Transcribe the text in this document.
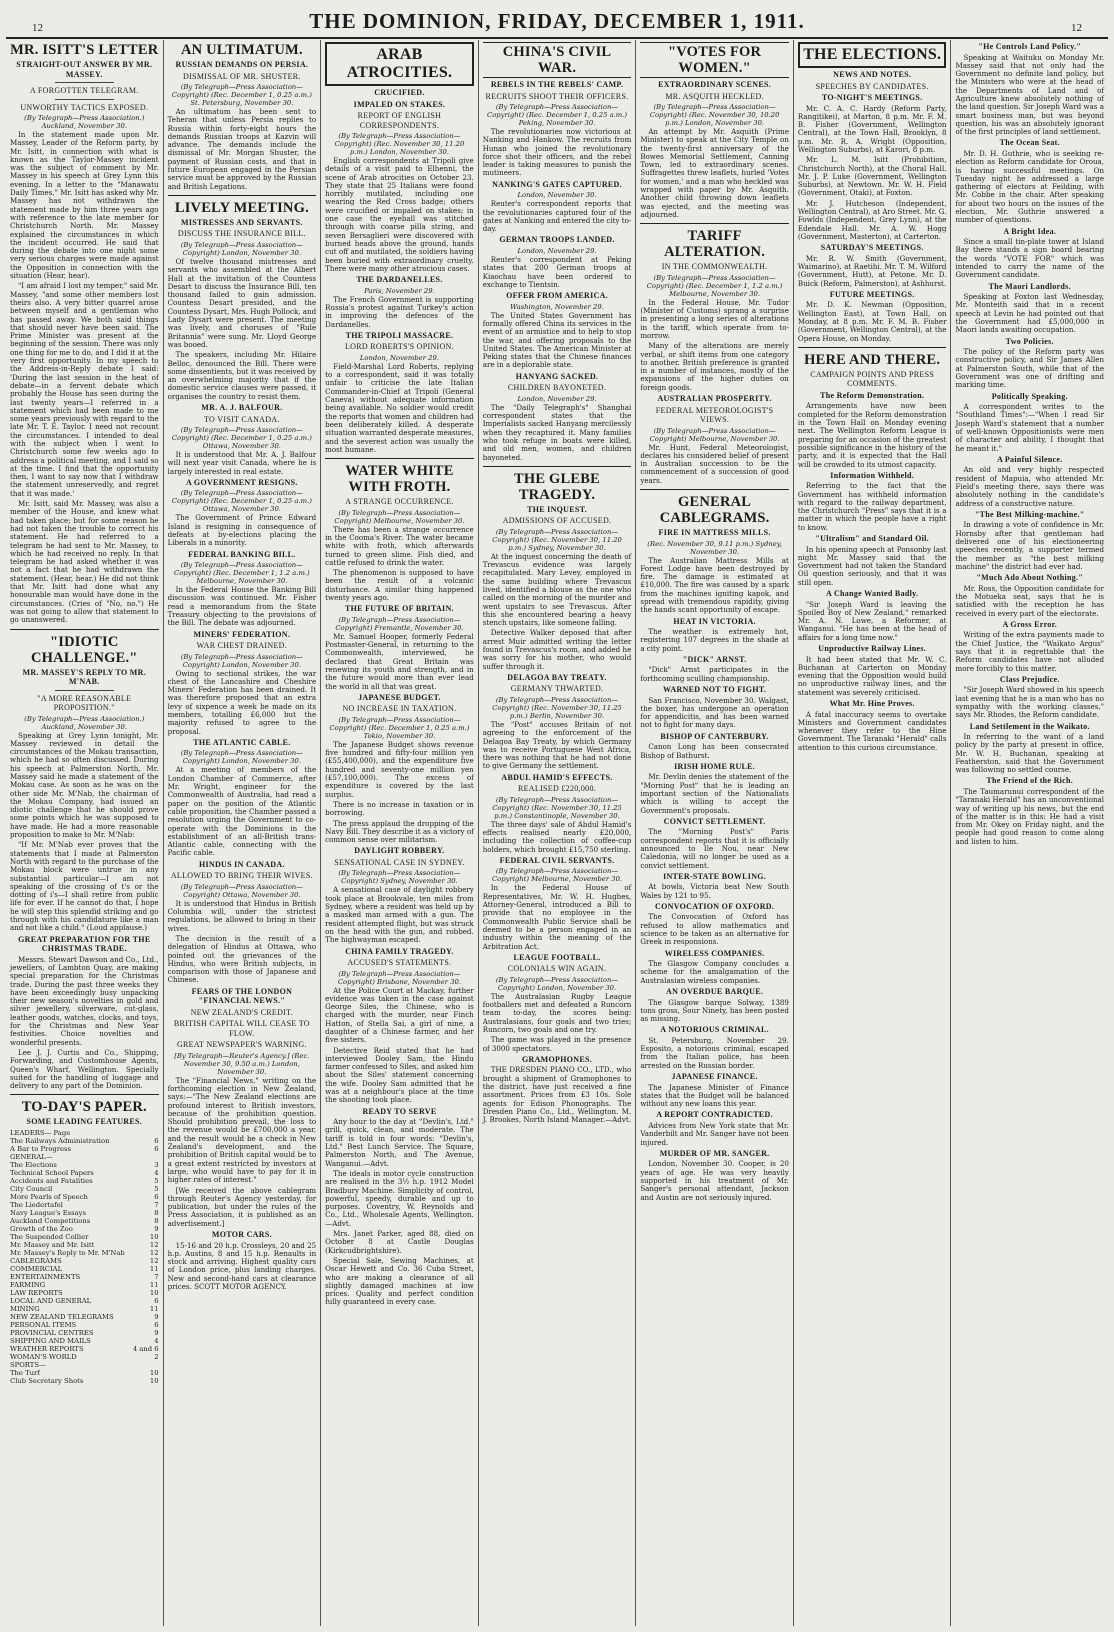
12	THE DOMINION, FRIDAY, DECEMBER 1, 1911.	12
MR. ISITT'S LETTER
STRAIGHT-OUT ANSWER BY MR. MASSEY.
A FORGOTTEN TELEGRAM.
UNWORTHY TACTICS EXPOSED.
(By Telegraph—Press Association.) Auckland, November 30.

In the statement made upon Mr. Massey, Leader of the Reform party, by Mr. Isitt, in connection with what is known as the Taylor-Massey incident was the subject of comment by Mr. Massey in his speech at Grey Lynn this evening. In a letter to the "Manawatu Daily Times," Mr. Isitt has asked why Mr. Massey has not withdrawn the statement made by him three years ago with reference to the late member for Christchurch North. Mr. Massey explained the circumstances in which the incident occurred. He said that during the debate into one night some very serious charges were made against the Opposition in connection with the situation (Hear, hear).

"I am afraid I lost my temper," said Mr. Massey, "and some other members lost theirs also. A very bitter quarrel arose between myself and a gentleman who has passed away. We both said things that should never have been said. The Prime Minister was present at the beginning of the session. There was only one thing for me to do, and I did it at the very first opportunity. In my speech to the Address-in-Reply debate I said: 'During the last session in the heat of debate—in a fervent debate which probably the House has seen during the last twenty years—I referred in a statement which had been made to me some years previously with regard to the late Mr. T. E. Taylor. I need not recount the circumstances. I intended to deal with the subject when I went to Christchurch some few weeks ago to address a political meeting, and I said so at the time. I find that the opportunity then, I want to say now that I withdraw the statement unreservedly, and regret that it was made.'

Mr. Isitt, said Mr. Massey, was also a member of the House, and knew what had taken place; but for some reason he had not taken the trouble to correct his statement. He had referred to a telegram he had sent to Mr. Massey, to which he had received no reply. In that telegram he had asked whether it was not a fact that he had withdrawn the statement. (Hear, hear.) He did not think that Mr. Isitt had done what any honourable man would have done in the circumstances. (Cries of "No, no.") He was not going to allow that statement to go unanswered.

"IDIOTIC CHALLENGE."
MR. MASSEY'S REPLY TO MR. M'NAB.
"A MORE REASONABLE PROPOSITION."
(By Telegraph—Press Association.) Auckland, November 30.

Speaking at Grey Lynn tonight, Mr. Massey reviewed in detail the circumstances of the Mokau transaction, which he had so often discussed. During his speech at Palmerston North, Mr. Massey said he made a statement of the Mokau case. As soon as he was on the other side Mr. M'Nab, the chairman of the Mokau Company, had issued an idiotic challenge that he should prove some points which he was supposed to have made. He had a more reasonable proposition to make to Mr. M'Nab:

"If Mr. M'Nab ever proves that the statements that I made at Palmerston North with regard to the purchase of the Mokau block were untrue in any substantial particular—I am not speaking of the crossing of t's or the dotting of i's—I shall retire from public life for ever. If he cannot do that, I hope he will step this splendid striking and go through with his candidature like a man and not like a child." (Loud applause.)

GREAT PREPARATION FOR THE CHRISTMAS TRADE.

Messrs. Stewart Dawson and Co., Ltd., jewellers, of Lambton Quay, are making special preparation for the Christmas trade. During the past three weeks they have been exceedingly busy unpacking their new season's novelties in gold and silver jewellery, silverware, cut-glass, leather goods, watches, clocks, and toys, for the Christmas and New Year festivities. Choice novelties and wonderful presents.

Lee J. J. Curtis and Co., Shipping, Forwarding, and Customhouse Agents, Queen's Wharf, Wellington. Specially suited for the handling of luggage and delivery to any part of the Dominion.

TO-DAY'S PAPER.
SOME LEADING FEATURES.
LEADERS— Page
The Railways Administration	6
A Bar to Progress	6
GENERAL—
The Elections	3
Technical School Papers	4
Accidents and Fatalities	5
City Council	5
More Pearls of Speech	6
The Liedertafel	7
Navy League's Essays	8
Auckland Competitions	8
Growth of the Zoo	9
The Suspended Collier	10
Mr. Massey and Mr. Isitt	12
Mr. Massey's Reply to Mr. M'Nab	12
CABLEGRAMS	12
COMMERCIAL	11
ENTERTAINMENTS	7
FARMING	11
LAW REPORTS	10
LOCAL AND GENERAL	6
MINING	11
NEW ZEALAND TELEGRAMS	9
PERSONAL ITEMS	6
PROVINCIAL CENTRES	9
SHIPPING AND MAILS	4
WEATHER REPORTS	4 and 6
WOMAN'S WORLD	2
SPORTS—
The Turf	10
Club Secretary Shots	10
AN ULTIMATUM.
RUSSIAN DEMANDS ON PERSIA.
DISMISSAL OF MR. SHUSTER.
(By Telegraph—Press Association—Copyright) (Rec. December 1, 0.25 a.m.) St. Petersburg, November 30.

An ultimatum has been sent to Teheran that unless Persia replies to Russia within forty-eight hours the demands Russian troops at Kazvin will advance. The demands include the dismissal of Mr. Morgan Shuster, the payment of Russian costs, and that in future European engaged in the Persian service must be approved by the Russian and British Legations.

LIVELY MEETING.
MISTRESSES AND SERVANTS.
DISCUSS THE INSURANCE BILL.
(By Telegraph—Press Association—Copyright) London, November 30.

Of twelve thousand mistresses and servants who assembled at the Albert Hall at the invitation of the Countess Desart to discuss the Insurance Bill, ten thousand failed to gain admission. Countess Desart presided, and the Countess Dysart, Mrs. Hugh Pollock, and Lady Dysart were present. The meeting was lively, and choruses of "Rule Britannia" were sung. Mr. Lloyd George was booed.

The speakers, including Mr. Hilaire Belloc, denounced the Bill. There were some dissentients, but it was received by an overwhelming majority that if the domestic service clauses were passed, it organises the country to resist them.

MR. A. J. BALFOUR.
TO VISIT CANADA.
(By Telegraph—Press Association—Copyright) (Rec. December 1, 0.25 a.m.) Ottawa, November 30.

It is understood that Mr. A. J. Balfour will next year visit Canada, where he is largely interested in real estate.

A GOVERNMENT RESIGNS.
(By Telegraph—Press Association—Copyright) (Rec. December 1, 0.25 a.m.) Ottawa, November 30.

The Government of Prince Edward Island is resigning in consequence of defeats at by-elections placing the Liberals in a minority.

FEDERAL BANKING BILL.
(By Telegraph—Press Association—Copyright) (Rec. December 1, 1.2 a.m.) Melbourne, November 30.

In the Federal House the Banking Bill discussion was continued. Mr. Fisher read a memorandum from the State Treasury objecting to the provisions of the Bill. The debate was adjourned.

MINERS' FEDERATION.
WAR CHEST DRAINED.
(By Telegraph—Press Association—Copyright) London, November 30.

Owing to sectional strikes, the war chest of the Lancashire and Cheshire Miners' Federation has been drained. It was therefore proposed that an extra levy of sixpence a week be made on its members, totalling £6,000 but the majority refused to agree to the proposal.

THE ATLANTIC CABLE.
(By Telegraph—Press Association—Copyright) London, November 30.

At a meeting of members of the London Chamber of Commerce, after Mr. Wright, engineer for the Commonwealth of Australia, had read a paper on the position of the Atlantic cable proposition, the Chamber passed a resolution urging the Government to co-operate with the Dominions in the establishment of an all-British trans-Atlantic cable, connecting with the Pacific cable.

HINDUS IN CANADA.
ALLOWED TO BRING THEIR WIVES.
(By Telegraph—Press Association—Copyright) Ottawa, November 30.

It is understood that Hindus in British Columbia will, under the strictest regulations, be allowed to bring in their wives.

The decision is the result of a delegation of Hindus at Ottawa, who pointed out the grievances of the Hindus, who were British subjects, in comparison with those of Japanese and Chinese.

FEARS OF THE LONDON "FINANCIAL NEWS."
NEW ZEALAND'S CREDIT.
BRITISH CAPITAL WILL CEASE TO FLOW.
GREAT NEWSPAPER'S WARNING.
[By Telegraph—Reuter's Agency.] (Rec. November 30, 9.50 a.m.) London, November 30.

The "Financial News," writing on the forthcoming election in New Zealand, says:—"The New Zealand elections are profound interest to British investors, because of the prohibition question. Should prohibition prevail, the loss to the revenue would be £700,000 a year, and the result would be a check in New Zealand's development, and the prohibition of British capital would be to a great extent restricted by investors at large, who would have to pay for it in higher rates of interest."

[We received the above cablegram through Reuter's Agency yesterday, for publication, but under the rules of the Press Association, it is published as an advertisement.]

MOTOR CARS.

15-16 and 20 h.p. Crossleys, 20 and 25 h.p. Austins, 8 and 15 h.p. Renaults in stock and arriving. Highest quality cars of London price, plus landing charges. New and second-hand cars at clearance prices. SCOTT MOTOR AGENCY.

ARAB ATROCITIES.
CRUCIFIED.
IMPALED ON STAKES.
REPORT OF ENGLISH CORRESPONDENTS.
(By Telegraph—Press Association—Copyright) (Rec. November 30, 11.20 p.m.) London, November 30.

English correspondents at Tripoli give details of a visit paid to Elhenni, the scene of Arab atrocities on October 23. They state that 25 Italians were found horribly mutilated, including one wearing the Red Cross badge; others were crucified or impaled on stakes; in one case the eyeball was stitched through with coarse pilla string, and seven Bersaglieri were discovered with burned heads above the ground, hands cut off and mutilated, the soldiers having been buried with extraordinary cruelty. There were many other atrocious cases.

THE DARDANELLES.
Paris, November 29.

The French Government is supporting Russia's protest against Turkey's action in improving the defences of the Dardanelles.

THE TRIPOLI MASSACRE.
LORD ROBERTS'S OPINION.
London, November 29.

Field-Marshal Lord Roberts, replying to a correspondent, said it was totally unfair to criticise the late Italian Commander-in-Chief at Tripoli (General Caneva) without adequate information being available. No soldier would credit the reports that women and children had been deliberately killed. A desperate situation warranted desperate measures, and the severest action was usually the most humane.

WATER WHITE WITH FROTH.
A STRANGE OCCURRENCE.
(By Telegraph—Press Association—Copyright) Melbourne, November 30.

There has been a strange occurrence in the Cooma's River. The water became white with froth, which afterwards turned to green slime. Fish died, and cattle refused to drink the water.

The phenomenon is supposed to have been the result of a volcanic disturbance. A similar thing happened twenty years ago.

THE FUTURE OF BRITAIN.
(By Telegraph—Press Association—Copyright) Fremantle, November 30.

Mr. Samuel Hooper, formerly Federal Postmaster-General, in returning to the Commonwealth, interviewed, he declared that Great Britain was renewing its youth and strength, and in the future would more than ever lead the world in all that was great.

JAPANESE BUDGET.
NO INCREASE IN TAXATION.
(By Telegraph—Press Association—Copyright) (Rec. December 1, 0.25 a.m.) Tokio, November 30.

The Japanese Budget shows revenue five hundred and fifty-four million yen (£55,400,000), and the expenditure five hundred and seventy-one million yen (£57,100,000). The excess of expenditure is covered by the last surplus.

There is no increase in taxation or in borrowing.

The press applaud the dropping of the Navy Bill. They describe it as a victory of common sense over militarism.

DAYLIGHT ROBBERY.
SENSATIONAL CASE IN SYDNEY.
(By Telegraph—Press Association—Copyright) Sydney, November 30.

A sensational case of daylight robbery took place at Brookvale, ten miles from Sydney, where a resident was held up by a masked man armed with a gun. The resident attempted flight, but was struck on the head with the gun, and robbed. The highwayman escaped.

CHINA FAMILY TRAGEDY.
ACCUSED'S STATEMENTS.
(By Telegraph—Press Association—Copyright) Brisbane, November 30.

At the Police Court at Mackay, further evidence was taken in the case against George Siles, the Chinese, who is charged with the murder, near Finch Hatton, of Stella Sai, a girl of nine, a daughter of a Chinese farmer, and her five sisters.

Detective Reid stated that he had interviewed Dooley Sam, the Hindu farmer confessed to Siles, and asked him about the Siles' statement concerning the wife. Dooley Sam admitted that he was at a neighbour's place at the time the shooting took place.

READY TO SERVE

Any hour to the day at "Devlin's, Ltd." grill, quick, clean, and moderate. The tariff is told in four words: "Devlin's, Ltd." Best Lunch Service. The Square, Palmerston North, and The Avenue, Wanganui.—Advt.

The ideals in motor cycle construction are realised in the 3½ h.p. 1912 Model Bradbury Machine. Simplicity of control, powerful, speedy, durable and up to purposes. Coventry, W. Reynolds and Co., Ltd., Wholesale Agents, Wellington.—Advt.

Mrs. Janet Parker, aged 88, died on October 8 at Castle Douglas (Kirkcudbrightshire).

Special Sale, Sewing Machines, at Oscar Hewett and Co. 36 Cuba Street, who are making a clearance of all slightly damaged machines at low prices. Quality and perfect condition fully guaranteed in every case.

CHINA'S CIVIL WAR.
REBELS IN THE REBELS' CAMP.
RECRUITS SHOOT THEIR OFFICERS.
(By Telegraph—Press Association—Copyright) (Rec. December 1, 0.25 a.m.) Peking, November 30.

The revolutionaries now victorious at Nanking and Hankow. The recruits from Hunan who joined the revolutionary force shot their officers, and the rebel leader is taking measures to punish the mutineers.

NANKING'S GATES CAPTURED.
London, November 30.

Reuter's correspondent reports that the revolutionaries captured four of the gates at Nanking and entered the city to-day.

GERMAN TROOPS LANDED.
London, November 29.

Reuter's correspondent at Peking states that 200 German troops at Kiaochau have been ordered to exchange to Tientsin.

OFFER FROM AMERICA.
Washington, November 29.

The United States Government has formally offered China its services in the event of an armistice and to help to stop the war, and offering proposals to the United States. The American Minister at Peking states that the Chinese finances are in a deplorable state.

HANYANG SACKED.
CHILDREN BAYONETED.
London, November 29.

The "Daily Telegraph's" Shanghai correspondent states that the Imperialists sacked Hanyang mercilessly when they recaptured it. Many families who took refuge in boats were killed, and old men, women, and children bayoneted.

THE GLEBE TRAGEDY.
THE INQUEST.
ADMISSIONS OF ACCUSED.
(By Telegraph—Press Association—Copyright) (Rec. November 30, 11.20 p.m.) Sydney, November 30.

At the inquest concerning the death of Trevascus evidence was largely recapitulated. Mary Levey, employed in the same building where Trevascus lived, identified a blouse as the one who called on the morning of the murder and went upstairs to see Trevascus. After this she encountered bearing a heavy stench upstairs, like someone falling.

Detective Walker deposed that after arrest Muir admitted writing the letter found in Trevascus's room, and added he was sorry for his mother, who would suffer through it.

DELAGOA BAY TREATY.
GERMANY THWARTED.
(By Telegraph—Press Association—Copyright) (Rec. November 30, 11.25 p.m.) Berlin, November 30.

The "Post" accuses Britain of not agreeing to the enforcement of the Delagoa Bay Treaty, by which Germany was to receive Portuguese West Africa, there was nothing that he had not done to give Germany the settlement.

ABDUL HAMID'S EFFECTS.
REALISED £220,000.
(By Telegraph—Press Association—Copyright) (Rec. November 30, 11.25 p.m.) Constantinople, November 30.

The three days' sale of Abdul Hamid's effects realised nearly £20,000, including the collection of coffee-cup holders, which brought £15,750 sterling.

FEDERAL CIVIL SERVANTS.
(By Telegraph—Press Association—Copyright) Melbourne, November 30.

In the Federal House of Representatives, Mr. W. H. Hughes, Attorney-General, introduced a Bill to provide that no employee in the Commonwealth Public Service shall be deemed to be a person engaged in an industry within the meaning of the Arbitration Act.

LEAGUE FOOTBALL.
COLONIALS WIN AGAIN.
(By Telegraph—Press Association—Copyright) London, November 30.

The Australasian Rugby League footballers met and defeated a Runcorn team to-day, the scores being: Australasians, four goals and two tries; Runcorn, two goals and one try.

The game was played in the presence of 3000 spectators.

GRAMOPHONES.

THE DRESDEN PIANO CO., LTD., who brought a shipment of Gramophones to the district, have just received a fine assortment. Prices from £3 10s. Sole agents for Edison Phonographs. The Dresden Piano Co., Ltd., Wellington. M. J. Brookes, North Island Manager.—Advt.

"VOTES FOR WOMEN."
EXTRAORDINARY SCENES.
MR. ASQUITH HECKLED.
(By Telegraph—Press Association—Copyright) (Rec. November 30, 10.20 p.m.) London, November 30.

An attempt by Mr. Asquith (Prime Minister) to speak at the City Temple on the twenty-first anniversary of the Bowes Memorial Settlement, Canning Town, led to extraordinary scenes. Suffragettes threw leaflets, hurled 'Votes for women,' and a man who heckled was wrapped with paper by Mr. Asquith. Another child throwing down leaflets was ejected, and the meeting was adjourned.

TARIFF ALTERATION.
IN THE COMMONWEALTH.
(By Telegraph—Press Association—Copyright) (Rec. December 1, 1.2 a.m.) Melbourne, November 30.

In the Federal House, Mr. Tudor (Minister of Customs) sprang a surprise in presenting a long series of alterations in the tariff, which operate from to-morrow.

Many of the alterations are merely verbal, or shift items from one category to another. British preference is granted in a number of instances, mostly of the expansions of the higher duties on foreign goods.

AUSTRALIAN PROSPERITY.
FEDERAL METEOROLOGIST'S VIEWS.
(By Telegraph—Press Association—Copyright) Melbourne, November 30.

Mr. Hunt, Federal Meteorologist, declares his considered belief of present in Australian succession to be the commencement of a succession of good years.

GENERAL CABLEGRAMS.
FIRE IN MATTRESS MILLS.
(Rec. November 30, 9.11 p.m.) Sydney, November 30.

The Australian Mattress Mills at Forest Lodge have been destroyed by fire. The damage is estimated at £10,000. The fire was caused by a spark from the machines igniting kapok, and spread with tremendous rapidity, giving the hands scant opportunity of escape.

HEAT IN VICTORIA.

The weather is extremely hot, registering 107 degrees in the shade at a city point.

"DICK" ARNST.

"Dick" Arnst participates in the forthcoming sculling championship.

WARNED NOT TO FIGHT.

San Francisco, November 30. Walgast, the boxer, has undergone an operation for appendicitis, and has been warned not to fight for many days.

BISHOP OF CANTERBURY.

Canon Long has been consecrated Bishop of Bathurst.

IRISH HOME RULE.

Mr. Devlin denies the statement of the "Morning Post" that he is leading an important section of the Nationalists which is willing to accept the Government's proposals.

CONVICT SETTLEMENT.

The "Morning Post's" Paris correspondent reports that it is officially announced to Ile Nou, near New Caledonia, will no longer be used as a convict settlement.

INTER-STATE BOWLING.

At bowls, Victoria beat New South Wales by 121 to 95.

CONVOCATION OF OXFORD.

The Convocation of Oxford has refused to allow mathematics and science to be taken as an alternative for Greek in responsions.

WIRELESS COMPANIES.

The Glasgow Company concludes a scheme for the amalgamation of the Australasian wireless companies.

AN OVERDUE BARQUE.

The Glasgow barque Solway, 1389 tons gross, Sour Ninety, has been posted as missing.

A NOTORIOUS CRIMINAL.

St. Petersburg, November 29. Esposito, a notorious criminal, escaped from the Italian police, has been arrested on the Russian border.

JAPANESE FINANCE.

The Japanese Minister of Finance states that the Budget will be balanced without any new loans this year.

A REPORT CONTRADICTED.

Advices from New York state that Mr. Vanderbilt and Mr. Sanger have not been injured.

MURDER OF MR. SANGER.

London, November 30. Cooper, is 20 years of age. He was very heavily supported in his treatment of Mr. Sanger's personal attendant, Jackson and Austin are not seriously injured.

THE ELECTIONS.
NEWS AND NOTES.
SPEECHES BY CANDIDATES.
TO-NIGHT'S MEETINGS.

Mr. C. A. C. Hardy (Reform Party, Rangitikei), at Marton, 8 p.m. Mr. F. M. B. Fisher (Government, Wellington Central), at the Town Hall, Brooklyn, 8 p.m. Mr. R. A. Wright (Opposition, Wellington Suburbs), at Karori, 8 p.m.

Mr. L. M. Isitt (Prohibition, Christchurch North), at the Choral Hall. Mr. J. P. Luke (Government, Wellington Suburbs), at Newtown. Mr. W. H. Field (Government, Otaki), at Foxton.

Mr. J. Hutcheson (Independent, Wellington Central), at Aro Street. Mr. G. Fowlds (Independent, Grey Lynn), at the Edendale Hall. Mr. A. W. Hogg (Government, Masterton), at Carterton.

SATURDAY'S MEETINGS.

Mr. R. W. Smith (Government, Waimarino), at Raetihi. Mr. T. M. Wilford (Government, Hutt), at Petone. Mr. D. Buick (Reform, Palmerston), at Ashhurst.

FUTURE MEETINGS.

Mr. D. K. Newman (Opposition, Wellington East), at Town Hall, on Monday, at 8 p.m. Mr. F. M. B. Fisher (Government, Wellington Central), at the Opera House, on Monday.

HERE AND THERE.
CAMPAIGN POINTS AND PRESS COMMENTS.
The Reform Demonstration.

Arrangements have now been completed for the Reform demonstration in the Town Hall on Monday evening next. The Wellington Reform League is preparing for an occasion of the greatest possible significance in the history of the party, and it is expected that the Hall will be crowded to its utmost capacity.

Information Withheld.

Referring to the fact that the Government has withheld information with regard to the railway department, the Christchurch "Press" says that it is a matter in which the people have a right to know.

"Ultralism" and Standard Oil.

In his opening speech at Ponsonby last night Mr. Massey said that the Government had not taken the Standard Oil question seriously, and that it was still open.

A Change Wanted Badly.

"Sir Joseph Ward is leaving the Spoiled Boy of New Zealand," remarked Mr. A. N. Lowe, a Reformer, at Wanganui. "He has been at the head of affairs for a long time now."

Unproductive Railway Lines.

It had been stated that Mr. W. C. Buchanan at Carterton on Monday evening that the Opposition would build no unproductive railway lines, and the statement was severely criticised.

What Mr. Hine Proves.

A fatal inaccuracy seems to overtake Ministers and Government candidates whenever they refer to the Hine Government. The Taranaki "Herald" calls attention to this curious circumstance.

"He Controls Land Policy."

Speaking at Waituku on Monday Mr. Massey said that not only had the Government no definite land policy, but the Ministers who were at the head of the Departments of Land and of Agriculture knew absolutely nothing of the land question. Sir Joseph Ward was a smart business man, but was beyond question, his was an absolutely ignorant of the first principles of land settlement.

The Ocean Seat.

Mr. D. H. Guthrie, who is seeking re-election as Reform candidate for Oroua, is having successful meetings. On Tuesday night he addressed a large gathering of electors at Feilding, with Mr. Cobbe in the chair. After speaking for about two hours on the issues of the election, Mr. Guthrie answered a number of questions.

A Bright Idea.

Since a small tin-plate tower at Island Bay there stands a sign board bearing the words "VOTE FOR" which was intended to carry the name of the Government candidate.

The Maori Landlords.

Speaking at Foxton last Wednesday, Mr. Monteith said that in a recent speech at Levin he had pointed out that the Government had £5,000,000 in Maori lands awaiting occupation.

Two Policies.

The policy of the Reform party was constructive policy, and Sir James Allen at Palmerston South, while that of the Government was one of drifting and marking time.

Politically Speaking.

A correspondent writes to the "Southland Times":—"When I read Sir Joseph Ward's statement that a number of well-known Oppositionists were men of character and ability, I thought that he meant it."

A Painful Silence.

An old and very highly respected resident of Mapuia, who attended Mr. Field's meeting there, says there was absolutely nothing in the candidate's address of a constructive nature.

"The Best Milking-machine."

In drawing a vote of confidence in Mr. Hornsby after that gentleman had delivered one of his electioneering speeches recently, a supporter termed the member as "the best milking machine" the district had ever had.

"Much Ado About Nothing."

Mr. Ross, the Opposition candidate for the Motueka seat, says that he is satisfied with the reception he has received in every part of the electorate.

A Gross Error.

Writing of the extra payments made to the Chief Justice, the "Waikato Argus" says that it is regrettable that the Reform candidates have not alluded more forcibly to this matter.

Class Prejudice.

"Sir Joseph Ward showed in his speech last evening that he is a man who has no sympathy with the working classes," says Mr. Rhodes, the Reform candidate.

Land Settlement in the Waikato.

In referring to the want of a land policy by the party at present in office, Mr. W. H. Buchanan, speaking at Featherston, said that the Government was following no settled course.

The Friend of the Rich.

The Taumarunui correspondent of the "Taranaki Herald" has an unconventional way of writing up his news, but the end of the matter is in this: He had a visit from Mr. Okey on Friday night, and the people had good reason to come along and listen to him.
